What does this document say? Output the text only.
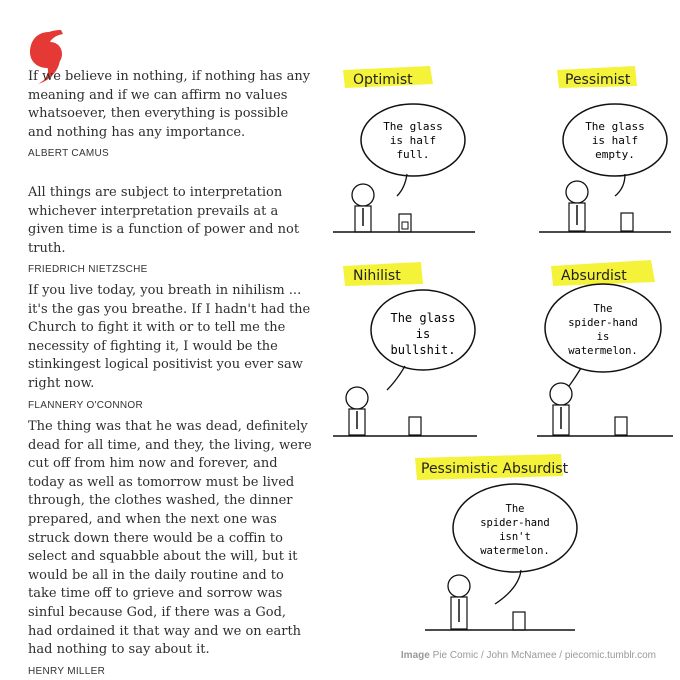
If we believe in nothing, if nothing has any meaning and if we can affirm no values whatsoever, then everything is possible and nothing has any importance.

ALBERT CAMUS

All things are subject to interpretation whichever interpretation prevails at a given time is a function of power and not truth.

FRIEDRICH NIETZSCHE

If you live today, you breath in nihilism ... it's the gas you breathe. If I hadn't had the Church to fight it with or to tell me the necessity of fighting it, I would be the stinkingest logical positivist you ever saw right now.

FLANNERY O'CONNOR

The thing was that he was dead, definitely dead for all time, and they, the living, were cut off from him now and forever, and today as well as tomorrow must be lived through, the clothes washed, the dinner prepared, and when the next one was struck down there would be a coffin to select and squabble about the will, but it would be all in the daily routine and to take time off to grieve and sorrow was sinful because God, if there was a God, had ordained it that way and we on earth had nothing to say about it.

HENRY MILLER
Optimist
The glass
is half
full.
Pessimist
The glass
is half
empty.
Nihilist
The glass
is
bullshit.
Absurdist
The
spider-hand
is
watermelon.
Pessimistic Absurdist
The
spider-hand
isn't
watermelon.
Image Pie Comic / John McNamee / piecomic.tumblr.com
